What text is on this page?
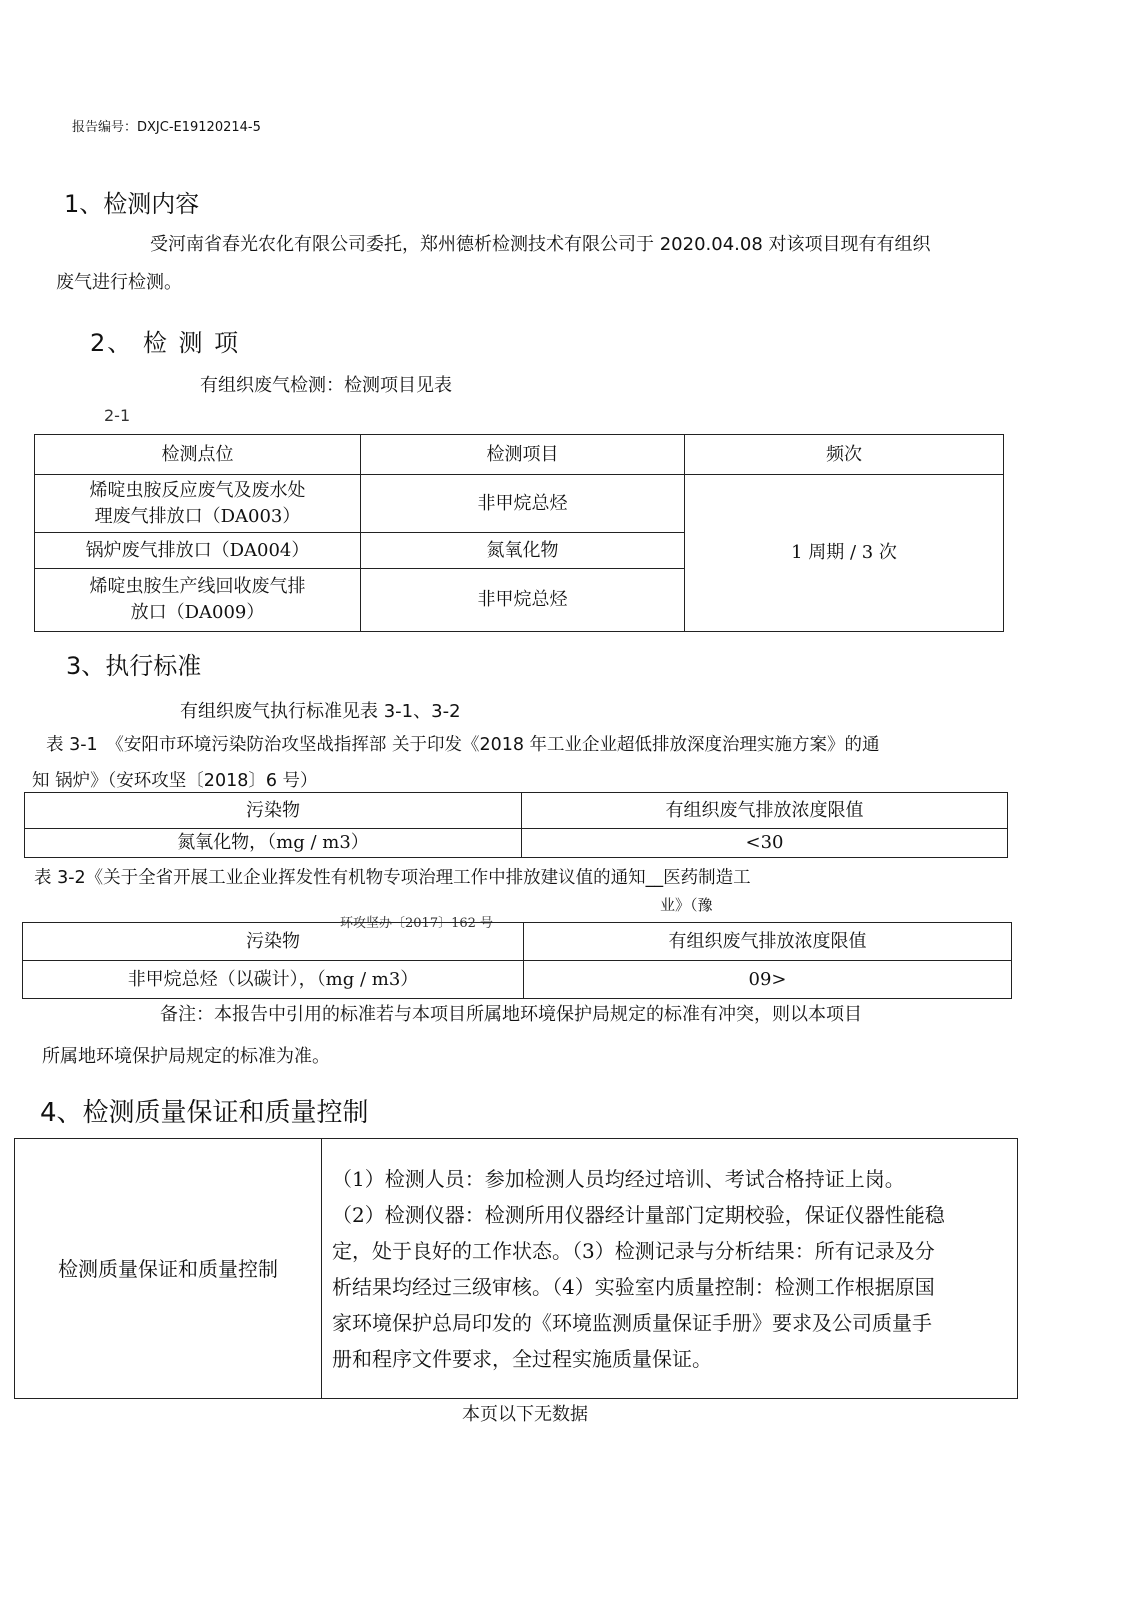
报告编号：DXJC-E19120214-5
1、检测内容
受河南省春光农化有限公司委托，郑州德析检测技术有限公司于 2020.04.08 对该项目现有有组织
废气进行检测。
2、 检 测 项
有组织废气检测：检测项目见表
2-1
检测点位	检测项目	频次

烯啶虫胺反应废气及废水处
理废气排放口（DA003）	非甲烷总烃	1 周期 / 3 次
锅炉废气排放口（DA004）	氮氧化物	

烯啶虫胺生产线回收废气排
放口（DA009）	非甲烷总烃	
3、执行标准
有组织废气执行标准见表 3-1、3-2
表 3-1　《安阳市环境污染防治攻坚战指挥部 关于印发《2018 年工业企业超低排放深度治理实施方案》的通
知 锅炉》（安环攻坚〔2018〕6 号）
污染物	有组织废气排放浓度限值
氮氧化物，（mg / m3）	<30
表 3-2《关于全省开展工业企业挥发性有机物专项治理工作中排放建议值的通知__医药制造工
业》（豫
环攻坚办〔2017〕162 号
污染物	有组织废气排放浓度限值
非甲烷总烃（以碳计），（mg / m3）	09>
备注：本报告中引用的标准若与本项目所属地环境保护局规定的标准有冲突，则以本项目
所属地环境保护局规定的标准为准。
4、检测质量保证和质量控制
检测质量保证和质量控制	
（1）检测人员：参加检测人员均经过培训、考试合格持证上岗。
（2）检测仪器：检测所用仪器经计量部门定期校验，保证仪器性能稳
定，处于良好的工作状态。（3）检测记录与分析结果：所有记录及分
析结果均经过三级审核。（4）实验室内质量控制：检测工作根据原国
家环境保护总局印发的《环境监测质量保证手册》要求及公司质量手
册和程序文件要求，全过程实施质量保证。
本页以下无数据
